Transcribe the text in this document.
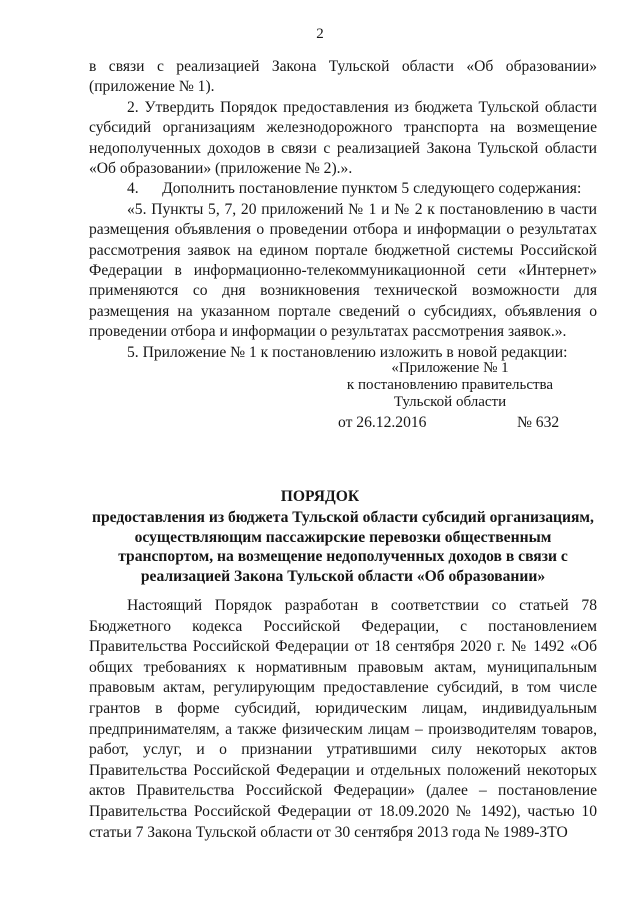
2

в связи с реализацией Закона Тульской области «Об образовании» (приложение № 1).

2. Утвердить Порядок предоставления из бюджета Тульской области субсидий организациям железнодорожного транспорта на возмещение недополученных доходов в связи с реализацией Закона Тульской области «Об образовании» (приложение № 2).».

4.      Дополнить постановление пунктом 5 следующего содержания:

«5. Пункты 5, 7, 20 приложений № 1 и № 2 к постановлению в части размещения объявления о проведении отбора и информации о результатах рассмотрения заявок на едином портале бюджетной системы Российской Федерации в информационно-телекоммуникационной сети «Интернет» применяются со дня возникновения технической возможности для размещения на указанном портале сведений о субсидиях, объявления о проведении отбора и информации о результатах рассмотрения заявок.».

5. Приложение № 1 к постановлению изложить в новой редакции:

«Приложение № 1
к постановлению правительства
Тульской области
от 26.12.2016	№ 632
ПОРЯДОК
предоставления из бюджета Тульской области субсидий организациям, осуществляющим пассажирские перевозки общественным транспортом, на возмещение недополученных доходов в связи с реализацией Закона Тульской области «Об образовании»

Настоящий Порядок разработан в соответствии со статьей 78 Бюджетного кодекса Российской Федерации, с постановлением Правительства Российской Федерации от 18 сентября 2020 г. № 1492 «Об общих требованиях к нормативным правовым актам, муниципальным правовым актам, регулирующим предоставление субсидий, в том числе грантов в форме субсидий, юридическим лицам, индивидуальным предпринимателям, а также физическим лицам – производителям товаров, работ, услуг, и о признании утратившими силу некоторых актов Правительства Российской Федерации и отдельных положений некоторых актов Правительства Российской Федерации» (далее – постановление Правительства Российской Федерации от 18.09.2020 № 1492), частью 10 статьи 7 Закона Тульской области от 30 сентября 2013 года № 1989-ЗТО
